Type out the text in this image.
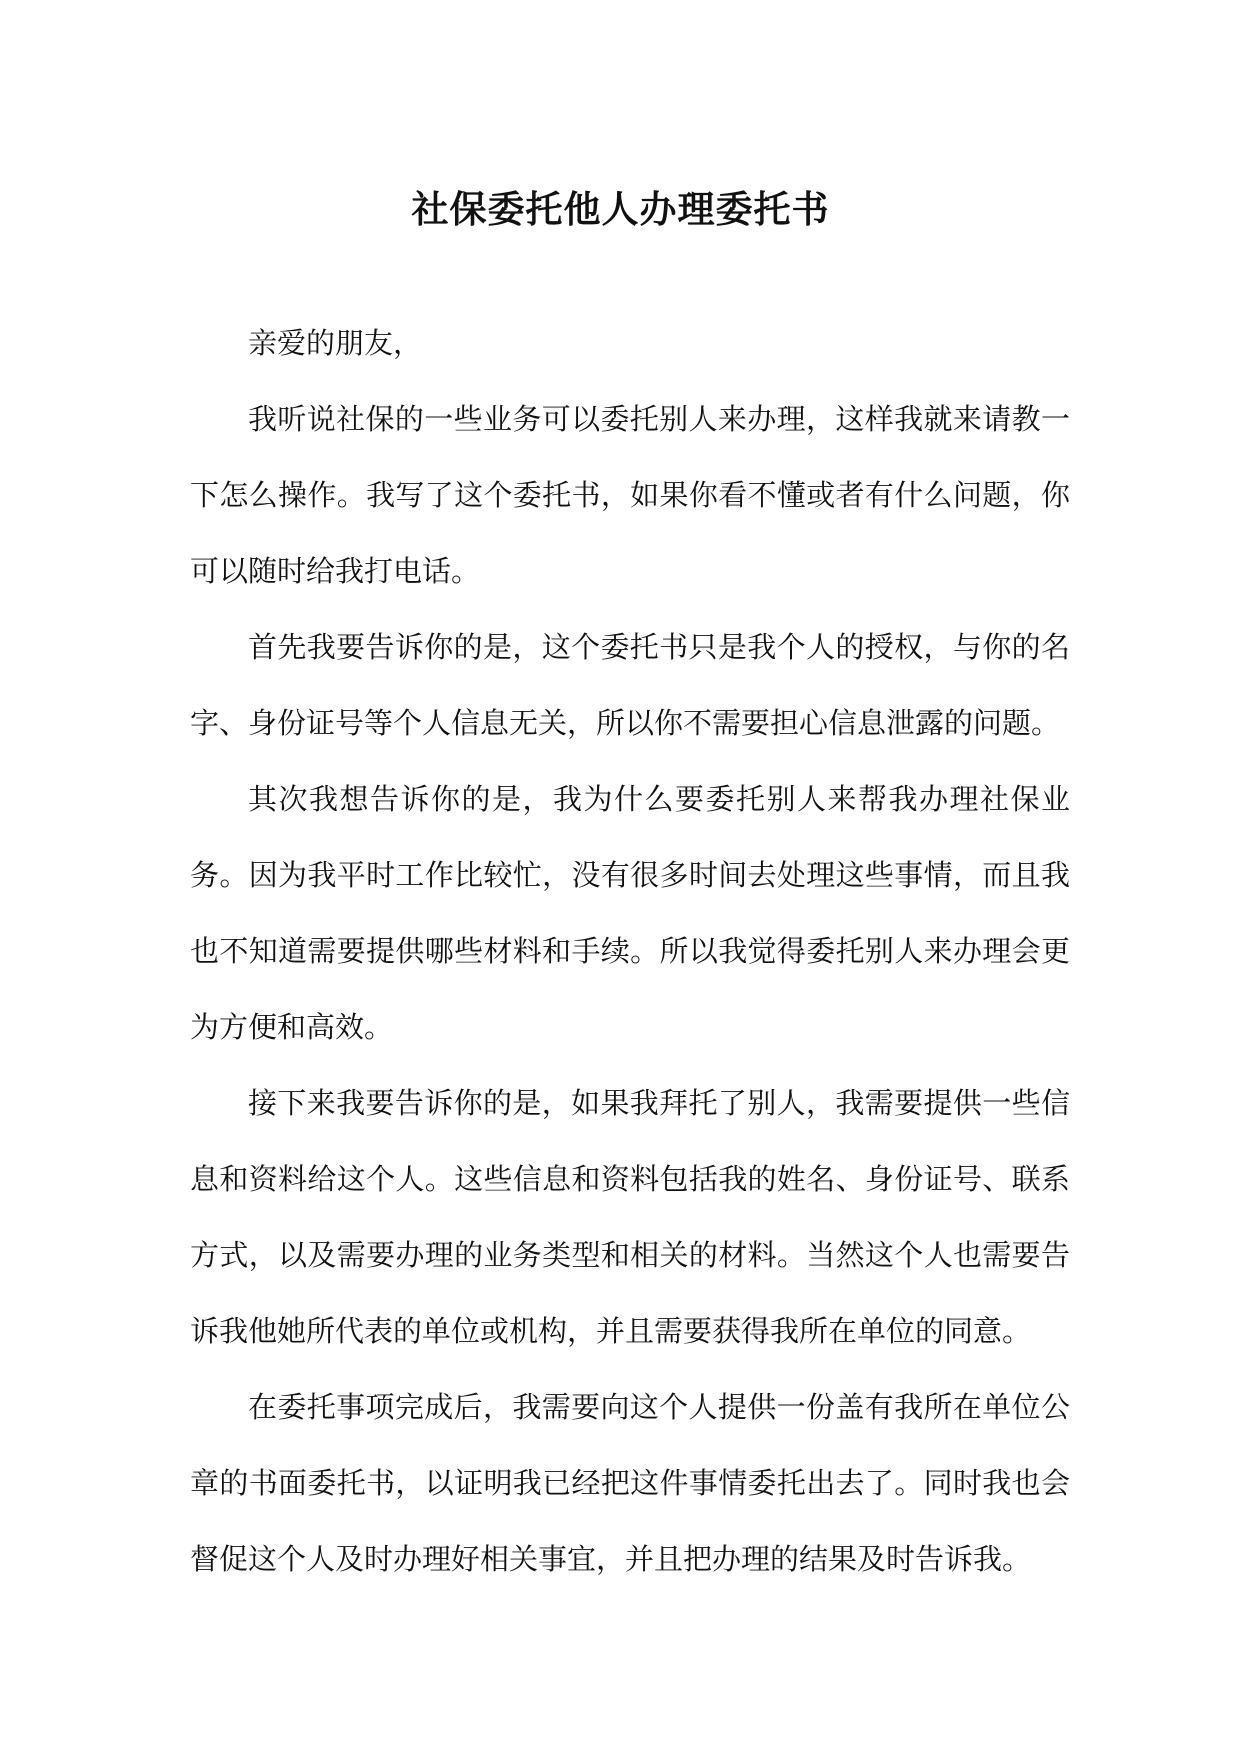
社保委托他人办理委托书

亲爱的朋友，

我听说社保的一些业务可以委托别人来办理，这样我就来请教一下怎么操作。我写了这个委托书，如果你看不懂或者有什么问题，你可以随时给我打电话。

首先我要告诉你的是，这个委托书只是我个人的授权，与你的名字、身份证号等个人信息无关，所以你不需要担心信息泄露的问题。

其次我想告诉你的是，我为什么要委托别人来帮我办理社保业务。因为我平时工作比较忙，没有很多时间去处理这些事情，而且我也不知道需要提供哪些材料和手续。所以我觉得委托别人来办理会更为方便和高效。

接下来我要告诉你的是，如果我拜托了别人，我需要提供一些信息和资料给这个人。这些信息和资料包括我的姓名、身份证号、联系方式，以及需要办理的业务类型和相关的材料。当然这个人也需要告诉我他她所代表的单位或机构，并且需要获得我所在单位的同意。

在委托事项完成后，我需要向这个人提供一份盖有我所在单位公章的书面委托书，以证明我已经把这件事情委托出去了。同时我也会督促这个人及时办理好相关事宜，并且把办理的结果及时告诉我。
